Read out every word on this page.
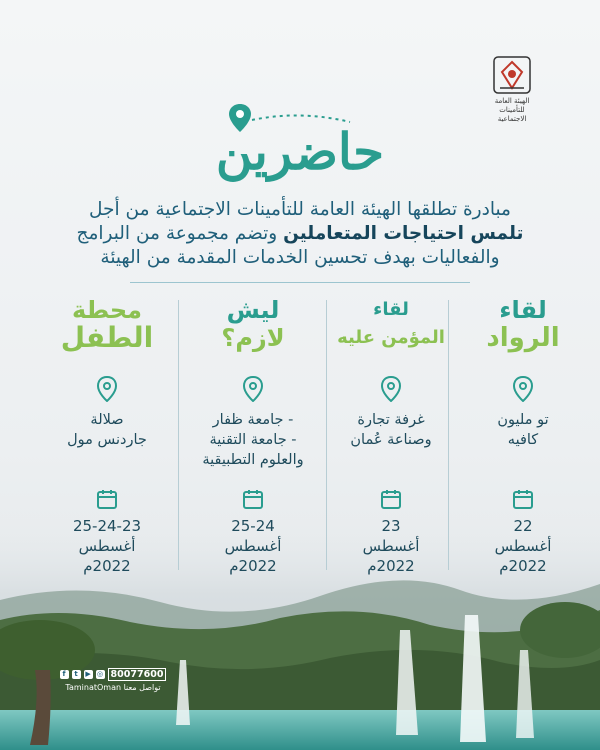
الهيئة العامة
للتأمينات الاجتماعية
حاضرين
مبادرة تطلقها الهيئة العامة للتأمينات الاجتماعية من أجل
تلمس احتياجات المتعاملين وتضم مجموعة من البرامج
والفعاليات بهدف تحسين الخدمات المقدمة من الهيئة
لقاء
الرواد
تو مليون
كافيه
22
أغسطس
2022م
لقاء
المؤمن عليه
غرفة تجارة
وصناعة عُمان
23
أغسطس
2022م
ليش
لازم؟
- جامعة ظفار
- جامعة التقنية
والعلوم التطبيقية
25-24
أغسطس
2022م
محطة
الطفل
صلالة
جاردنس مول
25-24-23
أغسطس
2022م
f	t	▶ ◎ 80077600
TaminatOman تواصل معنا
